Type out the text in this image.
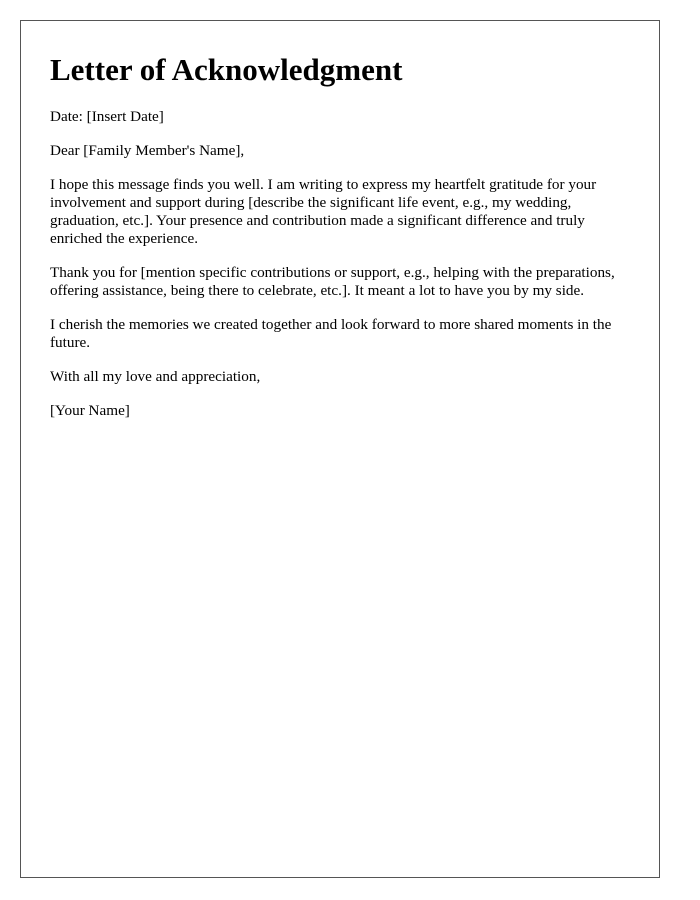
Letter of Acknowledgment

Date: [Insert Date]

Dear [Family Member's Name],

I hope this message finds you well. I am writing to express my heartfelt gratitude for your involvement and support during [describe the significant life event, e.g., my wedding, graduation, etc.]. Your presence and contribution made a significant difference and truly enriched the experience.

Thank you for [mention specific contributions or support, e.g., helping with the preparations, offering assistance, being there to celebrate, etc.]. It meant a lot to have you by my side.

I cherish the memories we created together and look forward to more shared moments in the future.

With all my love and appreciation,

[Your Name]
